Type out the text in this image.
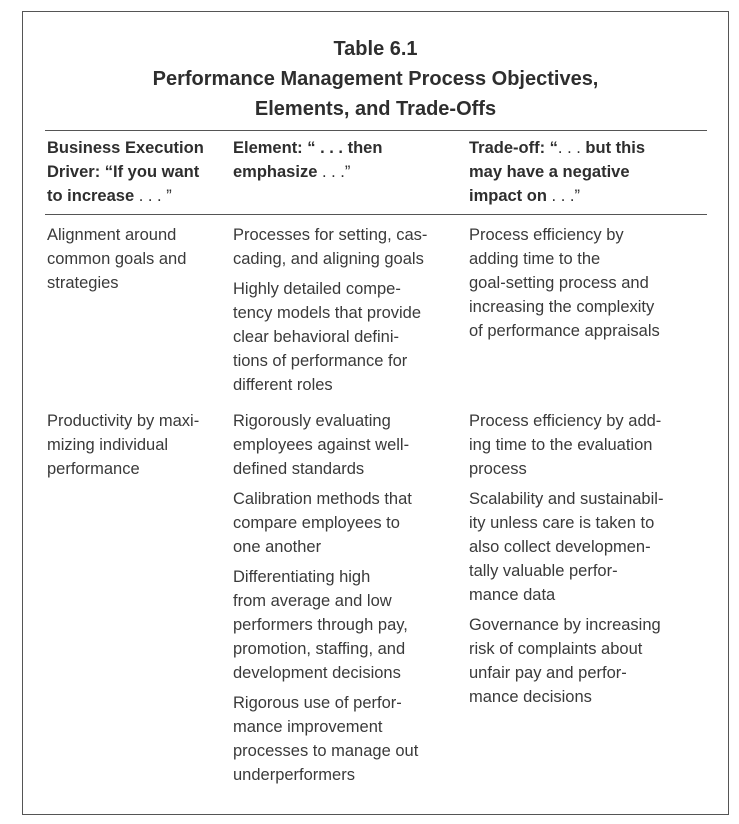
Table 6.1
Performance Management Process Objectives,
Elements, and Trade-Offs
Business Execution
Driver: “If you want
to increase . . . ”
Element: “ . . . then
emphasize . . .”
Trade-off: “. . . but this
may have a negative
impact on . . .”
Alignment around
common goals and
strategies
Processes for setting, cas-
cading, and aligning goals
Highly detailed compe-
tency models that provide
clear behavioral defini-
tions of performance for
different roles
Process efficiency by
adding time to the
goal-setting process and
increasing the complexity
of performance appraisals
Productivity by maxi-
mizing individual
performance
Rigorously evaluating
employees against well-
defined standards
Calibration methods that
compare employees to
one another
Differentiating high
from average and low
performers through pay,
promotion, staffing, and
development decisions
Rigorous use of perfor-
mance improvement
processes to manage out
underperformers
Process efficiency by add-
ing time to the evaluation
process
Scalability and sustainabil-
ity unless care is taken to
also collect developmen-
tally valuable perfor-
mance data
Governance by increasing
risk of complaints about
unfair pay and perfor-
mance decisions
